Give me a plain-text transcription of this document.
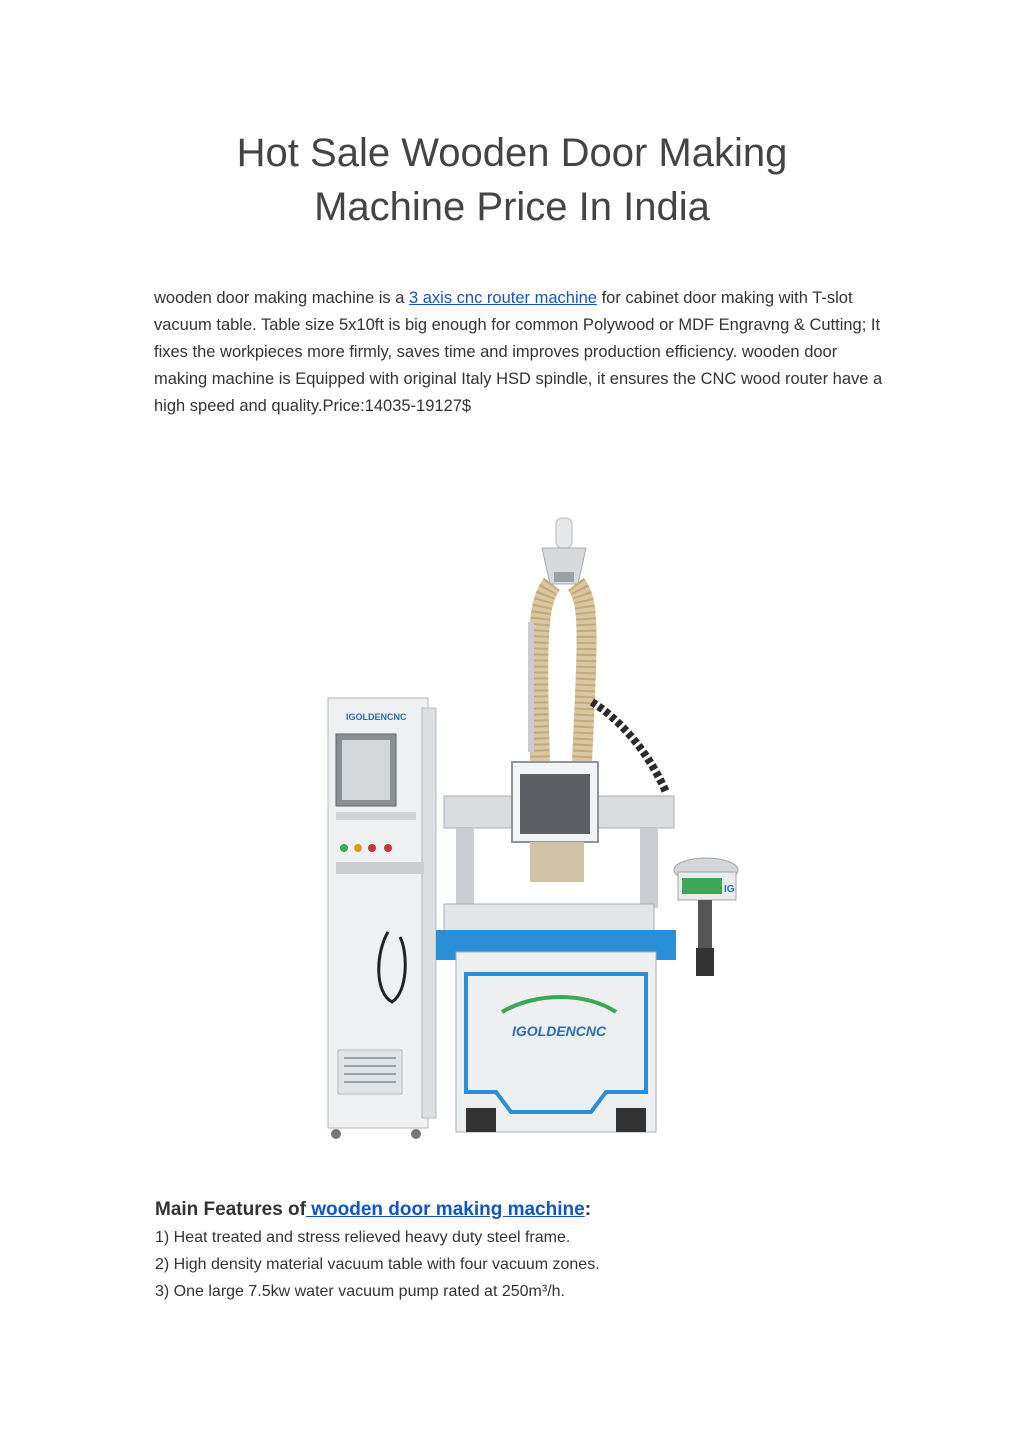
Hot Sale Wooden Door Making
Machine Price In India

wooden door making machine is a 3 axis cnc router machine for cabinet door making with T-slot vacuum table. Table size 5x10ft is big enough for common Polywood or MDF Engravng & Cutting; It fixes the workpieces more firmly, saves time and improves production efficiency. wooden door making machine is Equipped with original Italy HSD spindle, it ensures the CNC wood router have a high speed and quality.Price:14035-19127$

IGOLDENCNC
IGOLDENCNC
IG
Main Features of wooden door making machine:
1) Heat treated and stress relieved heavy duty steel frame.
2) High density material vacuum table with four vacuum zones.
3) One large 7.5kw water vacuum pump rated at 250m³/h.
